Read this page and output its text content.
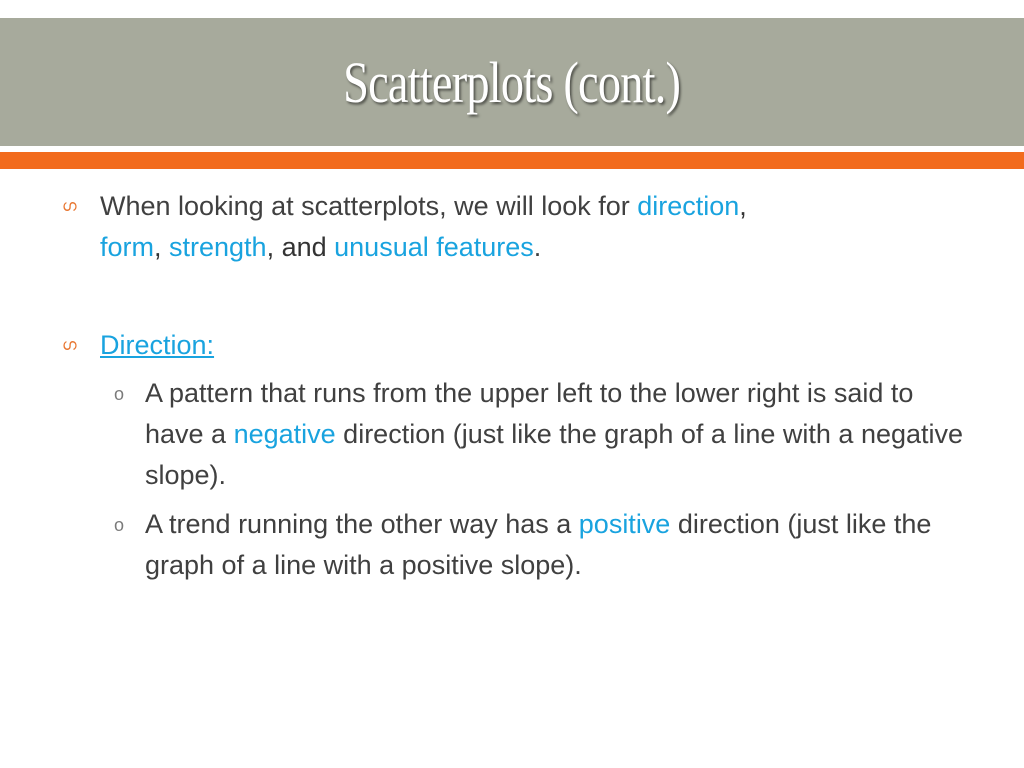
Scatterplots (cont.)
ഗ When looking at scatterplots, we will look for direction,
form, strength, and unusual features.
ഗ Direction:
o A pattern that runs from the upper left to the lower right is said to have a negative direction (just like the graph of a line with a negative slope).
o A trend running the other way has a positive direction (just like the graph of a line with a positive slope).
